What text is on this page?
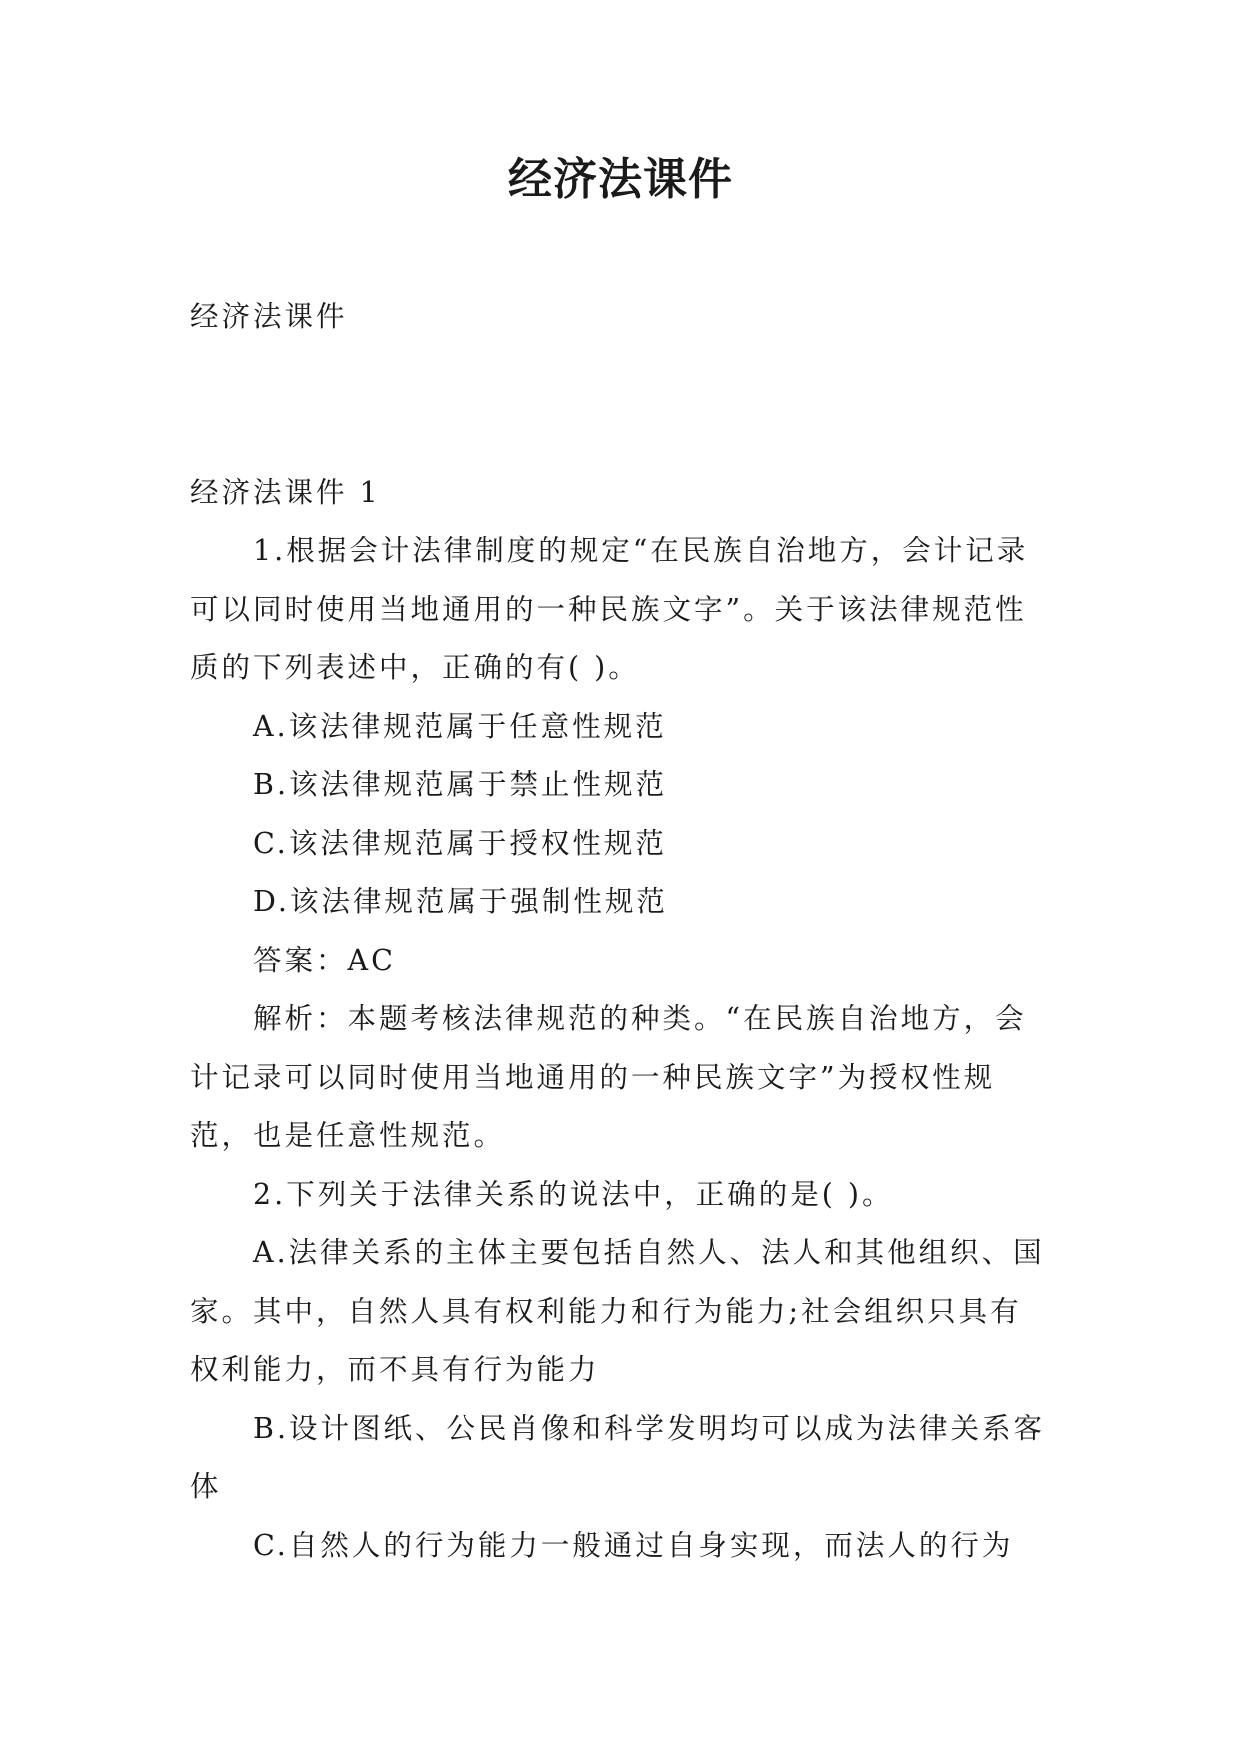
经济法课件

经济法课件

经济法课件 1

1.根据会计法律制度的规定“在民族自治地方，会计记录可以同时使用当地通用的一种民族文字”。关于该法律规范性质的下列表述中，正确的有( )。

A.该法律规范属于任意性规范

B.该法律规范属于禁止性规范

C.该法律规范属于授权性规范

D.该法律规范属于强制性规范

答案：AC

解析：本题考核法律规范的种类。“在民族自治地方，会计记录可以同时使用当地通用的一种民族文字”为授权性规范，也是任意性规范。

2.下列关于法律关系的说法中，正确的是( )。

A.法律关系的主体主要包括自然人、法人和其他组织、国家。其中，自然人具有权利能力和行为能力;社会组织只具有权利能力，而不具有行为能力

B.设计图纸、公民肖像和科学发明均可以成为法律关系客体

C.自然人的行为能力一般通过自身实现，而法人的行为
